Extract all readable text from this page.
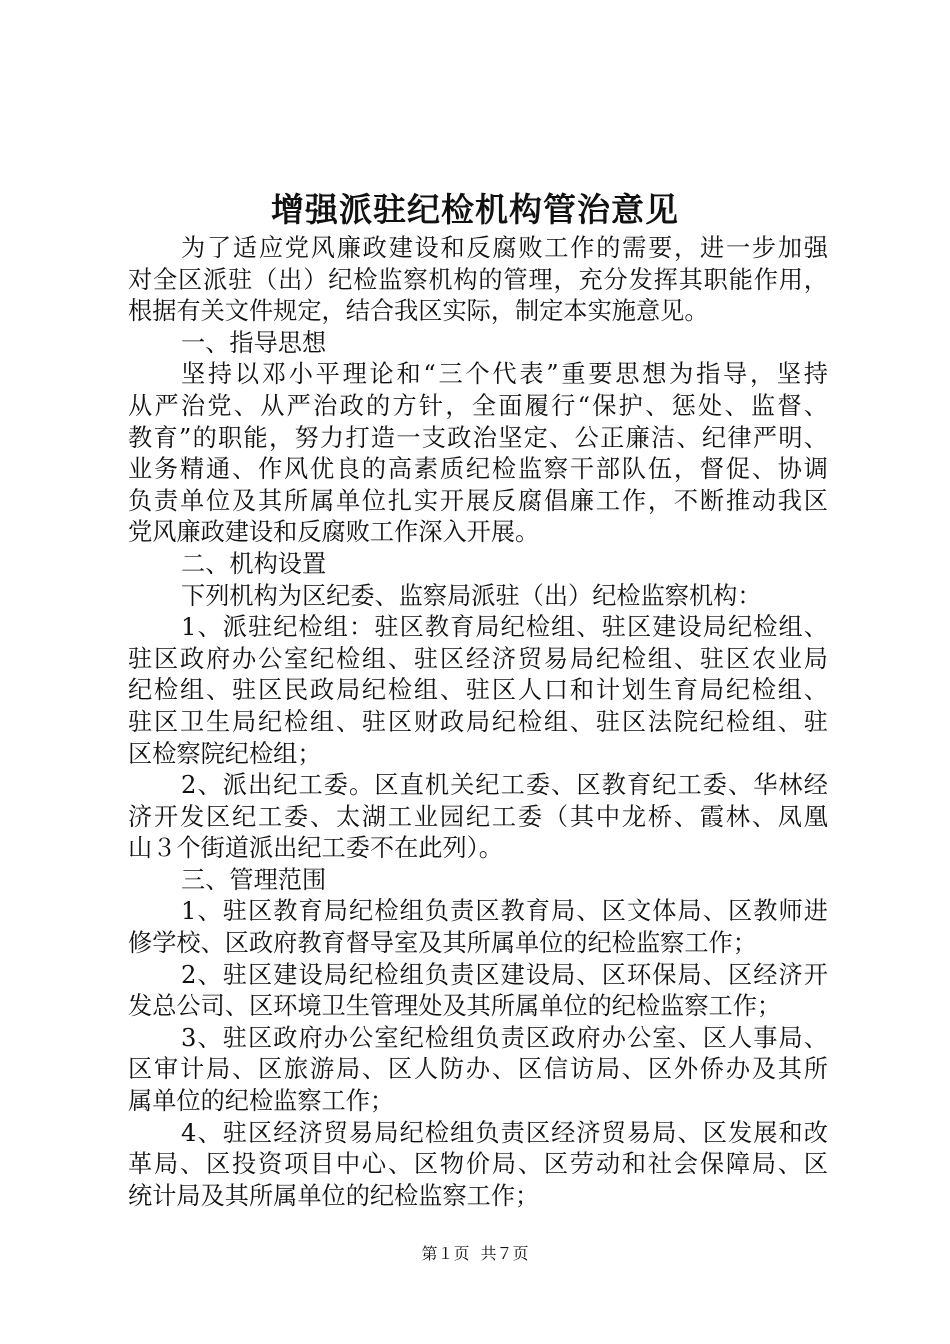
增强派驻纪检机构管治意见
为了适应党风廉政建设和反腐败工作的需要，进一步加强
对全区派驻（出）纪检监察机构的管理，充分发挥其职能作用，
根据有关文件规定，结合我区实际，制定本实施意见。
一、指导思想
坚持以邓小平理论和“三个代表”重要思想为指导，坚持
从严治党、从严治政的方针，全面履行“保护、惩处、监督、
教育”的职能，努力打造一支政治坚定、公正廉洁、纪律严明、
业务精通、作风优良的高素质纪检监察干部队伍，督促、协调
负责单位及其所属单位扎实开展反腐倡廉工作，不断推动我区
党风廉政建设和反腐败工作深入开展。
二、机构设置
下列机构为区纪委、监察局派驻（出）纪检监察机构：
1、派驻纪检组：驻区教育局纪检组、驻区建设局纪检组、
驻区政府办公室纪检组、驻区经济贸易局纪检组、驻区农业局
纪检组、驻区民政局纪检组、驻区人口和计划生育局纪检组、
驻区卫生局纪检组、驻区财政局纪检组、驻区法院纪检组、驻
区检察院纪检组；
2、派出纪工委。区直机关纪工委、区教育纪工委、华林经
济开发区纪工委、太湖工业园纪工委（其中龙桥、霞林、凤凰
山３个街道派出纪工委不在此列）。
三、管理范围
1、驻区教育局纪检组负责区教育局、区文体局、区教师进
修学校、区政府教育督导室及其所属单位的纪检监察工作；
2、驻区建设局纪检组负责区建设局、区环保局、区经济开
发总公司、区环境卫生管理处及其所属单位的纪检监察工作；
3、驻区政府办公室纪检组负责区政府办公室、区人事局、
区审计局、区旅游局、区人防办、区信访局、区外侨办及其所
属单位的纪检监察工作；
4、驻区经济贸易局纪检组负责区经济贸易局、区发展和改
革局、区投资项目中心、区物价局、区劳动和社会保障局、区
统计局及其所属单位的纪检监察工作；
第１页 共７页
